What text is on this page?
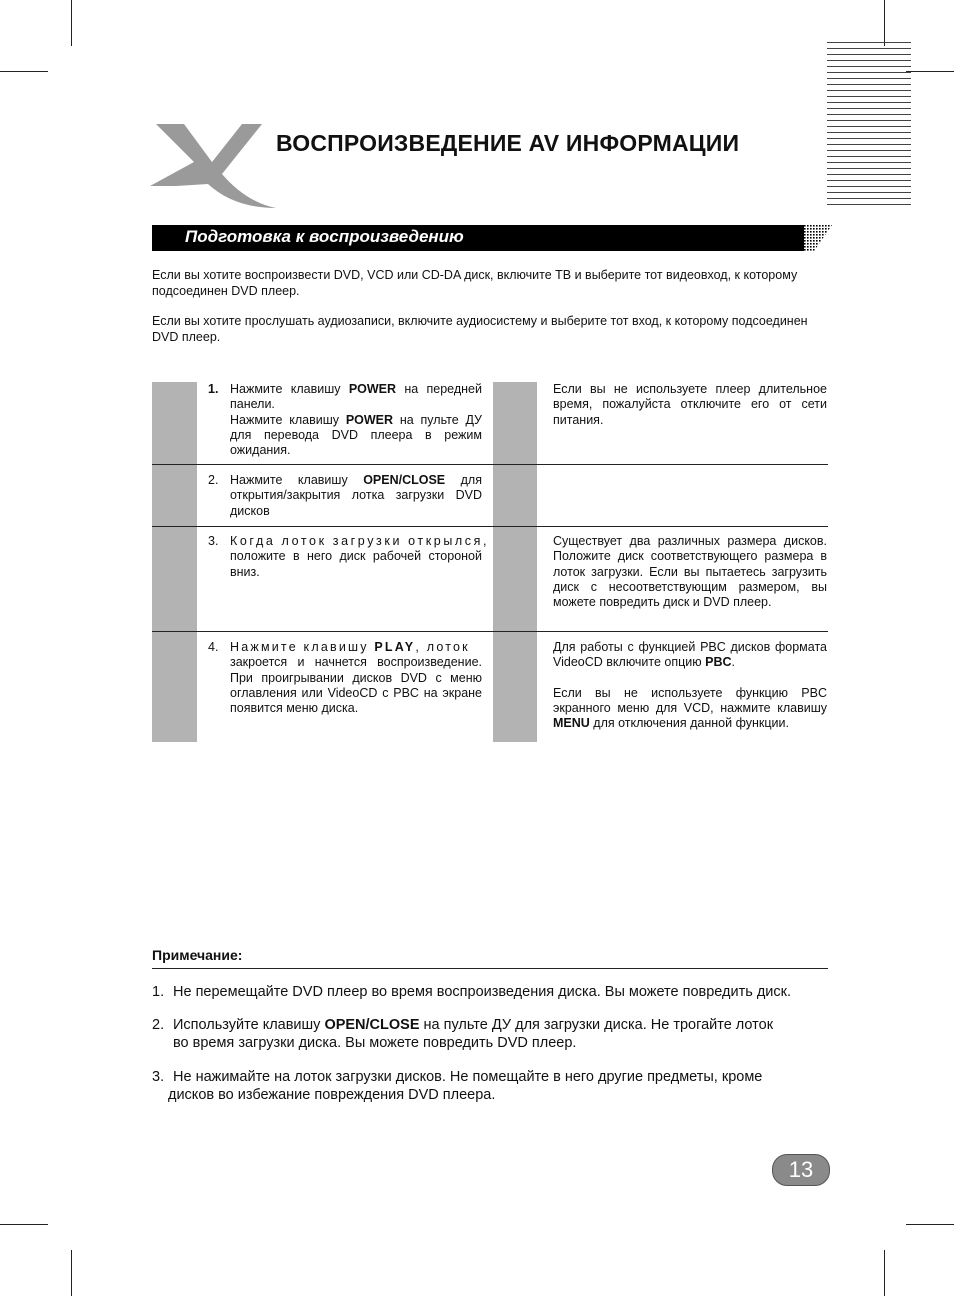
ВОСПРОИЗВЕДЕНИЕ AV ИНФОРМАЦИИ
Подготовка к воспроизведению
Если вы хотите воспроизвести DVD, VCD или CD-DA диск, включите ТВ и выберите тот видеовход, к которому подсоединен DVD плеер.
Если вы хотите прослушать аудиозаписи, включите аудиосистему и выберите тот вход, к которому подсоединен DVD плеер.
1. Нажмите клавишу POWER на передней панели.
Нажмите клавишу POWER на пульте ДУ для перевода DVD плеера в режим ожидания.
Если вы не используете плеер длительное время, пожалуйста отключите его от сети питания.
2. Нажмите клавишу OPEN/CLOSE для открытия/закрытия лотка загрузки DVD дисков
3. Когда лоток загрузки открылся,
положите в него диск рабочей стороной вниз.
Существует два различных размера дисков. Положите диск соответствующего размера в лоток загрузки. Если вы пытаетесь загрузить диск с несоответствующим размером, вы можете повредить диск и DVD плеер.
4. Нажмите клавишу PLAY, лоток
закроется и начнется воспроизведение. При проигрывании дисков DVD с меню оглавления или VideoCD с PBC на экране появится меню диска.
Для работы с функцией PBC дисков формата VideoCD включите опцию PBC.
Если вы не используете функцию PBC экранного меню для VCD, нажмите клавишу MENU для отключения данной функции.
Примечание:
1. Не перемещайте DVD плеер во время воспроизведения диска. Вы можете повредить диск.
2. Используйте клавишу OPEN/CLOSE на пульте ДУ для загрузки диска. Не трогайте лоток
во время загрузки диска. Вы можете повредить DVD плеер.
3. Не нажимайте на лоток загрузки дисков. Не помещайте в него другие предметы, кроме
дисков во избежание повреждения DVD плеера.
13
